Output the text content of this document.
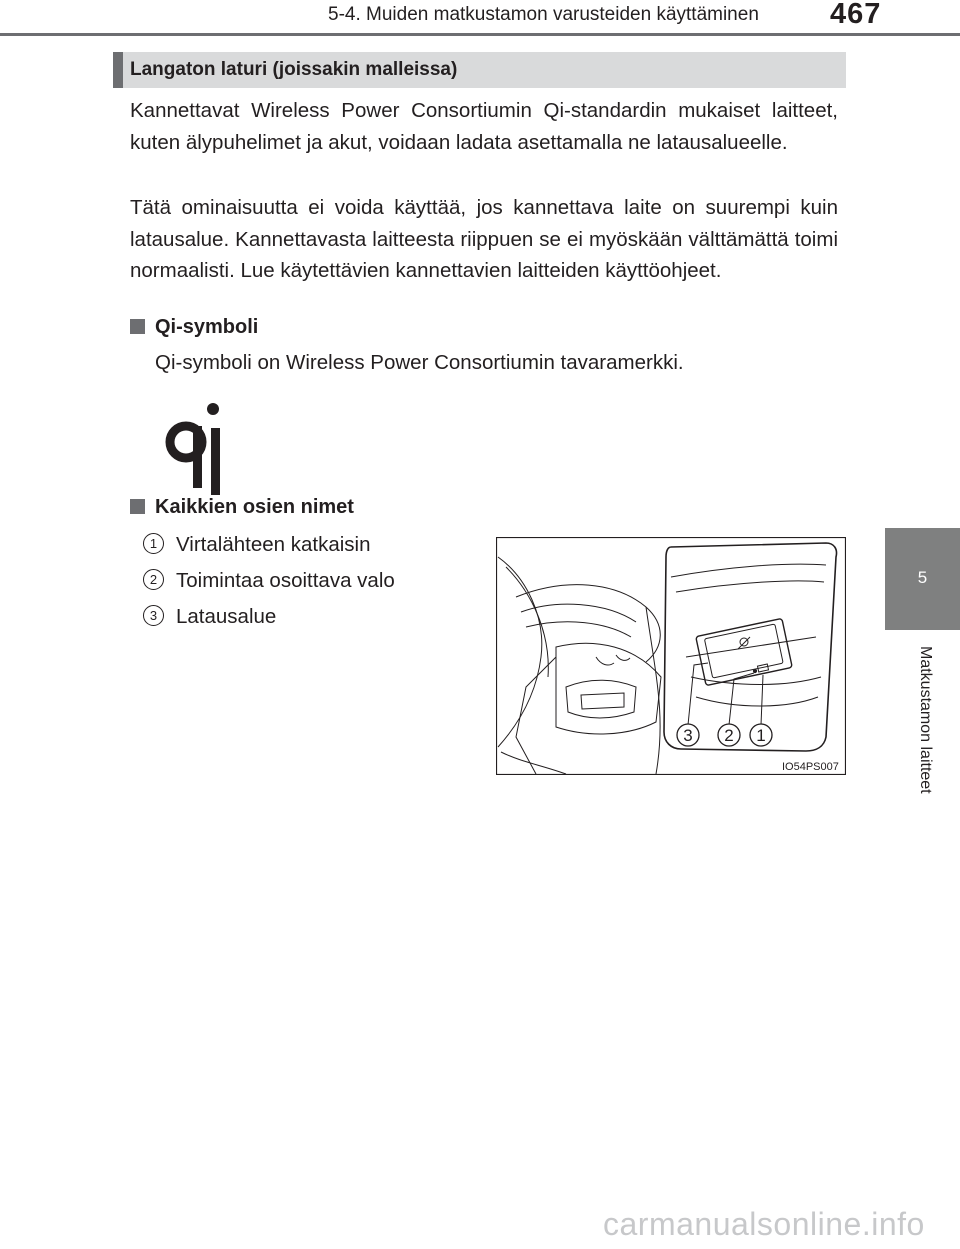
5-4. Muiden matkustamon varusteiden käyttäminen 467
5
Matkustamon laitteet
Langaton laturi (joissakin malleissa)

Kannettavat Wireless Power Consortiumin Qi-standardin mukaiset laitteet, kuten älypuhelimet ja akut, voidaan ladata asettamalla ne latausalueelle.

Tätä ominaisuutta ei voida käyttää, jos kannettava laite on suurempi kuin latausalue. Kannettavasta laitteesta riippuen se ei myöskään välttämättä toimi normaalisti. Lue käytettävien kannettavien laitteiden käyttöohjeet.

Qi-symboli
Qi-symboli on Wireless Power Consortiumin tavaramerkki.
Kaikkien osien nimet
1 Virtalähteen katkaisin
2 Toimintaa osoittava valo
3 Latausalue
3 2 1
IO54PS007
carmanualsonline.info
